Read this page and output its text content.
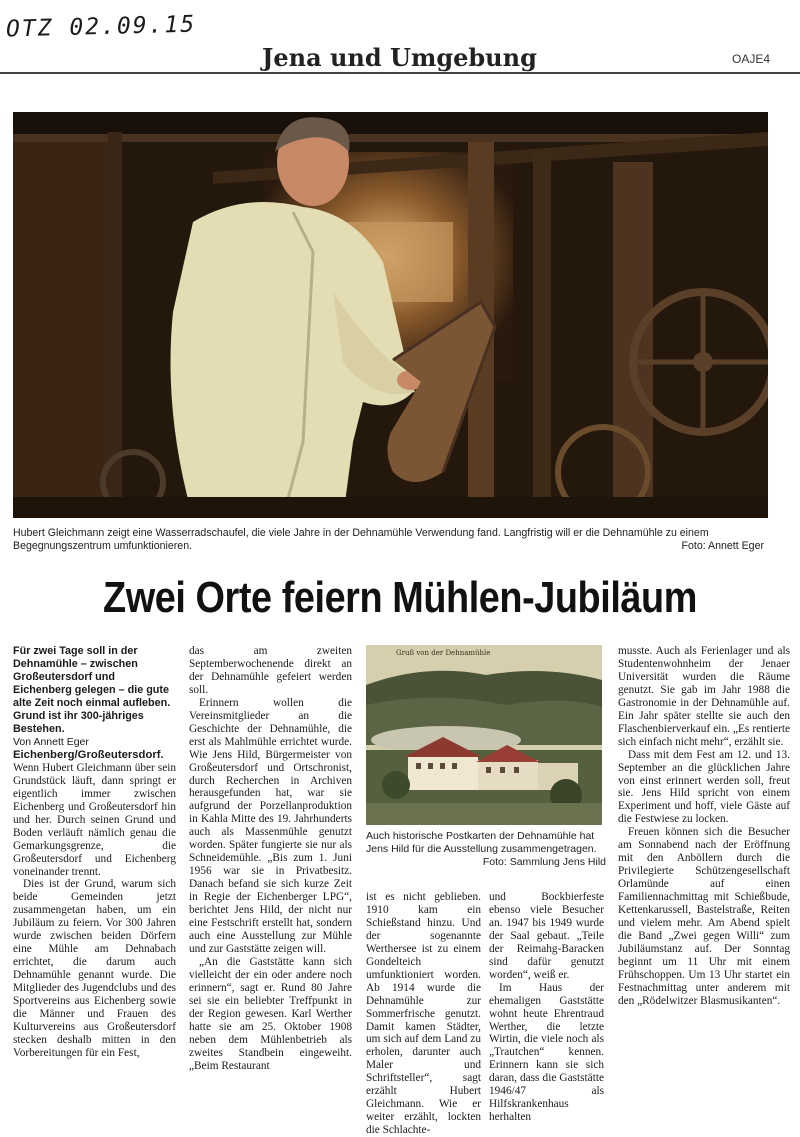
OTZ 02.09.15
Jena und Umgebung	OAJE4
Hubert Gleichmann zeigt eine Wasserradschaufel, die viele Jahre in der Dehnamühle Verwendung fand. Langfristig will er die Dehnamühle zu einem Begegnungszentrum umfunktionieren.	Foto: Annett Eger
Zwei Orte feiern Mühlen-Jubiläum

Für zwei Tage soll in der Dehnamühle – zwischen Großeutersdorf und Eichenberg gelegen – die gute alte Zeit noch einmal aufleben. Grund ist ihr 300-jähriges Bestehen.

Von Annett Eger

Eichenberg/Großeutersdorf.
Wenn Hubert Gleichmann über sein Grundstück läuft, dann springt er eigentlich immer zwischen Eichenberg und Großeutersdorf hin und her. Durch seinen Grund und Boden verläuft nämlich genau die Gemarkungsgrenze, die Großeutersdorf und Eichenberg voneinander trennt.

Dies ist der Grund, warum sich beide Gemeinden jetzt zusammengetan haben, um ein Jubiläum zu feiern. Vor 300 Jahren wurde zwischen beiden Dörfern eine Mühle am Dehnabach errichtet, die darum auch Dehnamühle genannt wurde. Die Mitglieder des Jugendclubs und des Sportvereins aus Eichenberg sowie die Männer und Frauen des Kulturvereins aus Großeutersdorf stecken deshalb mitten in den Vorbereitungen für ein Fest,

das am zweiten Septemberwochenende direkt an der Dehnamühle gefeiert werden soll.

Erinnern wollen die Vereinsmitglieder an die Geschichte der Dehnamühle, die erst als Mahlmühle errichtet wurde. Wie Jens Hild, Bürgermeister von Großeutersdorf und Ortschronist, durch Recherchen in Archiven herausgefunden hat, war sie aufgrund der Porzellanproduktion in Kahla Mitte des 19. Jahrhunderts auch als Massenmühle genutzt worden. Später fungierte sie nur als Schneidemühle. „Bis zum 1. Juni 1956 war sie in Privatbesitz. Danach befand sie sich kurze Zeit in Regie der Eichenberger LPG“, berichtet Jens Hild, der nicht nur eine Festschrift erstellt hat, sondern auch eine Ausstellung zur Mühle und zur Gaststätte zeigen will.

„An die Gaststätte kann sich vielleicht der ein oder andere noch erinnern“, sagt er. Rund 80 Jahre sei sie ein beliebter Treffpunkt in der Region gewesen. Karl Werther hatte sie am 25. Oktober 1908 neben dem Mühlenbetrieb als zweites Standbein eingeweiht. „Beim Restaurant

Gruß von der Dehnamühle
Auch historische Postkarten der Dehnamühle hat Jens Hild für die Ausstellung zusammengetragen.
Foto: Sammlung Jens Hild

ist es nicht geblieben. 1910 kam ein Schießstand hinzu. Und der sogenannte Werthersee ist zu einem Gondelteich umfunktioniert worden. Ab 1914 wurde die Dehnamühle zur Sommerfrische genutzt. Damit kamen Städter, um sich auf dem Land zu erholen, darunter auch Maler und Schriftsteller“, sagt erzählt Hubert Gleichmann. Wie er weiter erzählt, lockten die Schlachte-

und Bockbierfeste ebenso viele Besucher an. 1947 bis 1949 wurde der Saal gebaut. „Teile der Reimahg-Baracken sind dafür genutzt worden“, weiß er.

Im Haus der ehemaligen Gaststätte wohnt heute Ehrentraud Werther, die letzte Wirtin, die viele noch als „Trautchen“ kennen. Erinnern kann sie sich daran, dass die Gaststätte 1946/47 als Hilfskrankenhaus herhalten

musste. Auch als Ferienlager und als Studentenwohnheim der Jenaer Universität wurden die Räume genutzt. Sie gab im Jahr 1988 die Gastronomie in der Dehnamühle auf. Ein Jahr später stellte sie auch den Flaschenbierverkauf ein. „Es rentierte sich einfach nicht mehr“, erzählt sie.

Dass mit dem Fest am 12. und 13. September an die glücklichen Jahre von einst erinnert werden soll, freut sie. Jens Hild spricht von einem Experiment und hoff, viele Gäste auf die Festwiese zu locken.

Freuen können sich die Besucher am Sonnabend nach der Eröffnung mit den Anböllern durch die Privilegierte Schützengesellschaft Orlamünde auf einen Familiennachmittag mit Schießbude, Kettenkarussell, Bastelstraße, Reiten und vielem mehr. Am Abend spielt die Band „Zwei gegen Willi“ zum Jubiläumstanz auf. Der Sonntag beginnt um 11 Uhr mit einem Frühschoppen. Um 13 Uhr startet ein Festnachmittag unter anderem mit den „Rödelwitzer Blasmusikanten“.
